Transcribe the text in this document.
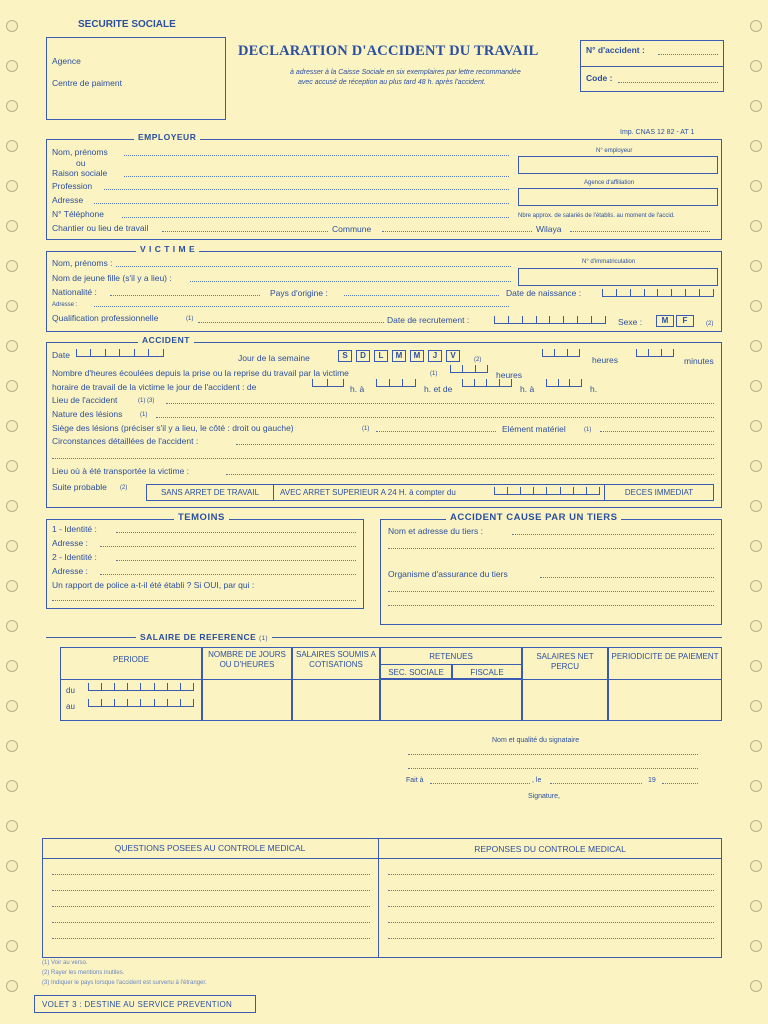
SECURITE SOCIALE
Agence
Centre de paiment
DECLARATION D'ACCIDENT DU TRAVAIL
à adresser à la Caisse Sociale en six exemplaires par lettre recommandée
avec accusé de réception au plus tard 48 h. après l'accident.
N° d'accident :
Code :
Imp. CNAS 12 82 - AT 1
EMPLOYEUR
Nom, prénoms
ou
Raison sociale
Profession
Adresse
N° Téléphone
Chantier ou lieu de travail	Commune	Wilaya
N° employeur
Agence d'affiliation
Nbre approx. de salariés de l'établis. au moment de l'accid.
V I C T I M E
Nom, prénoms :
Nom de jeune fille (s'il y a lieu) :
Nationalité :	Pays d'origine :	Date de naissance :
Adresse :
Qualification professionnelle	(1)	Date de recrutement :	Sexe :	M	F	(2)
N° d'immatriculation
ACCIDENT
Date	Jour de la semaine	S	D	L	M	M	J	V	(2)	heures	minutes
Nombre d'heures écoulées depuis la prise ou la reprise du travail par la victime	(1)	heures
horaire de travail de la victime le jour de l'accident : de	h. à	h. et de	h. à	h.
Lieu de l'accident	(1) (3)
Nature des lésions	(1)
Siège des lésions (préciser s'il y a lieu, le côté : droit ou gauche)	(1)	Elément matériel	(1)
Circonstances détaillées de l'accident :
Lieu où à été transportée la victime :
Suite probable (2)	SANS ARRET DE TRAVAIL	AVEC ARRET SUPERIEUR A 24 H. à compter du	DECES IMMEDIAT
TEMOINS
1 - Identité :
Adresse :
2 - Identité :
Adresse :
Un rapport de police a-t-il été établi ? Si OUI, par qui :
ACCIDENT CAUSE PAR UN TIERS
Nom et adresse du tiers :
Organisme d'assurance du tiers
SALAIRE DE REFERENCE (1)
PERIODE
NOMBRE DE JOURS OU D'HEURES
SALAIRES SOUMIS A COTISATIONS
RETENUES
SEC. SOCIALE	FISCALE
SALAIRES NET PERCU
PERIODICITE DE PAIEMENT
du
au
Nom et qualité du signataire
Fait à	, le	19
Signature,
QUESTIONS POSEES AU CONTROLE MEDICAL	REPONSES DU CONTROLE MEDICAL
(1) Voir au verso.
(2) Rayer les mentions inutiles.
(3) Indiquer le pays lorsque l'accident est survenu à l'étranger.
VOLET 3 : DESTINE AU SERVICE PREVENTION
